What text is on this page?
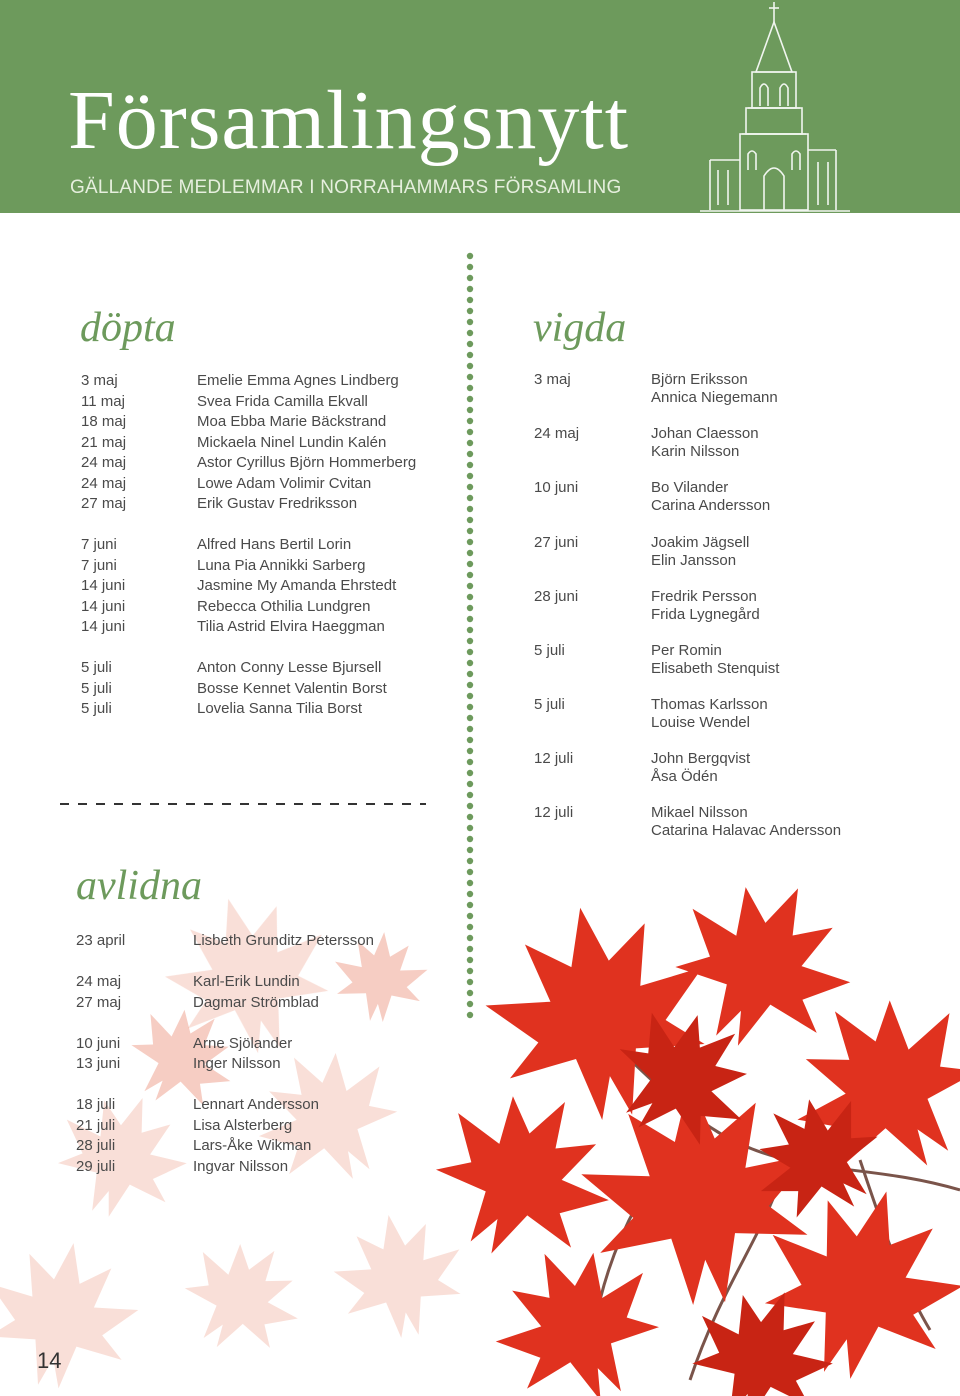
Församlingsnytt
GÄLLANDE MEDLEMMAR I NORRAHAMMARS FÖRSAMLING
döpta
3 maj	Emelie Emma Agnes Lindberg
11 maj	Svea Frida Camilla Ekvall
18 maj	Moa Ebba Marie Bäckstrand
21 maj	Mickaela Ninel Lundin Kalén
24 maj	Astor Cyrillus Björn Hommerberg
24 maj	Lowe Adam Volimir Cvitan
27 maj	Erik Gustav Fredriksson
7 juni	Alfred Hans Bertil Lorin
7 juni	Luna Pia Annikki Sarberg
14 juni	Jasmine My Amanda Ehrstedt
14 juni	Rebecca Othilia Lundgren
14 juni	Tilia Astrid Elvira Haeggman
5 juli	Anton Conny Lesse Bjursell
5 juli	Bosse Kennet Valentin Borst
5 juli	Lovelia Sanna Tilia Borst
vigda
3 maj	Björn Eriksson
Annica Niegemann
24 maj	Johan Claesson
Karin Nilsson
10 juni	Bo Vilander
Carina Andersson
27 juni	Joakim Jägsell
Elin Jansson
28 juni	Fredrik Persson
Frida Lygnegård
5 juli	Per Romin
Elisabeth Stenquist
5 juli	Thomas Karlsson
Louise Wendel
12 juli	John Bergqvist
Åsa Ödén
12 juli	Mikael Nilsson
Catarina Halavac Andersson
avlidna
23 april	Lisbeth Grunditz Petersson
24 maj	Karl-Erik Lundin
27 maj	Dagmar Strömblad
10 juni	Arne Sjölander
13 juni	Inger Nilsson
18 juli	Lennart Andersson
21 juli	Lisa Alsterberg
28 juli	Lars-Åke Wikman
29 juli	Ingvar Nilsson
14
